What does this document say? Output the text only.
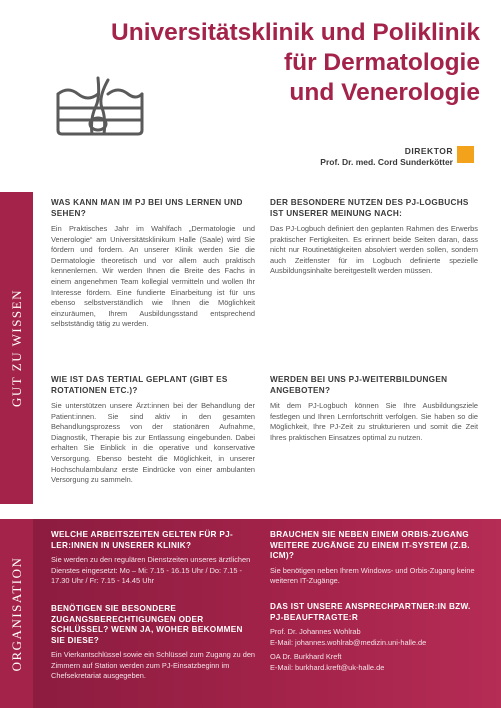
Universitätsklinik und Poliklinik
für Dermatologie
und Venerologie
DIREKTOR
Prof. Dr. med. Cord Sunderkötter
GUT ZU WISSEN
ORGANISATION

WAS KANN MAN IM PJ BEI UNS LERNEN UND SEHEN?

Ein Praktisches Jahr im Wahlfach „Dermatologie und Venerologie“ am Universitätsklinikum Halle (Saale) wird Sie fördern und fordern. An unserer Klinik werden Sie die Dermatologie theoretisch und vor allem auch praktisch kennenlernen. Wir werden Ihnen die Breite des Fachs in einem angenehmen Team kollegial vermitteln und wollen Ihr Interesse fördern. Eine fundierte Einarbeitung ist für uns ebenso selbstverständlich wie Ihnen die Möglichkeit einzuräumen, Ihrem Ausbildungsstand entsprechend selbstständig tätig zu werden.

DER BESONDERE NUTZEN DES PJ-LOGBUCHS IST UNSERER MEINUNG NACH:

Das PJ-Logbuch definiert den geplanten Rahmen des Erwerbs praktischer Fertigkeiten. Es erinnert beide Seiten daran, dass nicht nur Routinetätigkeiten absolviert werden sollen, sondern auch Zeitfenster für im Logbuch definierte spezielle Ausbildungsinhalte bereitgestellt werden müssen.

WIE IST DAS TERTIAL GEPLANT (GIBT ES ROTATIONEN ETC.)?

Sie unterstützen unsere Ärzt:innen bei der Behandlung der Patient:innen. Sie sind aktiv in den gesamten Behandlungsprozess von der stationären Aufnahme, Diagnostik, Therapie bis zur Entlassung eingebunden. Dabei erhalten Sie Einblick in die operative und konservative Versorgung. Ebenso besteht die Möglichkeit, in unserer Hochschulambulanz erste Eindrücke von einer ambulanten Versorgung zu sammeln.

WERDEN BEI UNS PJ-WEITERBILDUNGEN ANGEBOTEN?

Mit dem PJ-Logbuch können Sie Ihre Ausbildungsziele festlegen und Ihren Lernfortschritt verfolgen. Sie haben so die Möglichkeit, Ihre PJ-Zeit zu strukturieren und somit die Zeit Ihres praktischen Einsatzes optimal zu nutzen.

WELCHE ARBEITSZEITEN GELTEN FÜR PJ-LER:INNEN IN UNSERER KLINIK?

Sie werden zu den regulären Dienstzeiten unseres ärztlichen Dienstes eingesetzt: Mo – Mi: 7.15 - 16.15 Uhr / Do: 7.15 - 17.30 Uhr / Fr: 7.15 - 14.45 Uhr

BENÖTIGEN SIE BESONDERE ZUGANGSBERECHTIGUNGEN ODER SCHLÜSSEL? WENN JA, WOHER BEKOMMEN SIE DIESE?

Ein Vierkantschlüssel sowie ein Schlüssel zum Zugang zu den Zimmern auf Station werden zum PJ-Einsatzbeginn im Chefsekretariat ausgegeben.

BRAUCHEN SIE NEBEN EINEM ORBIS-ZUGANG WEITERE ZUGÄNGE ZU EINEM IT-SYSTEM (Z.B. ICM)?

Sie benötigen neben Ihrem Windows- und Orbis-Zugang keine weiteren IT-Zugänge.

DAS IST UNSERE ANSPRECHPARTNER:IN BZW. PJ-BEAUFTRAGTE:R

Prof. Dr. Johannes Wohlrab

E-Mail: johannes.wohlrab@medizin.uni-halle.de

OA Dr. Burkhard Kreft

E-Mail: burkhard.kreft@uk-halle.de
